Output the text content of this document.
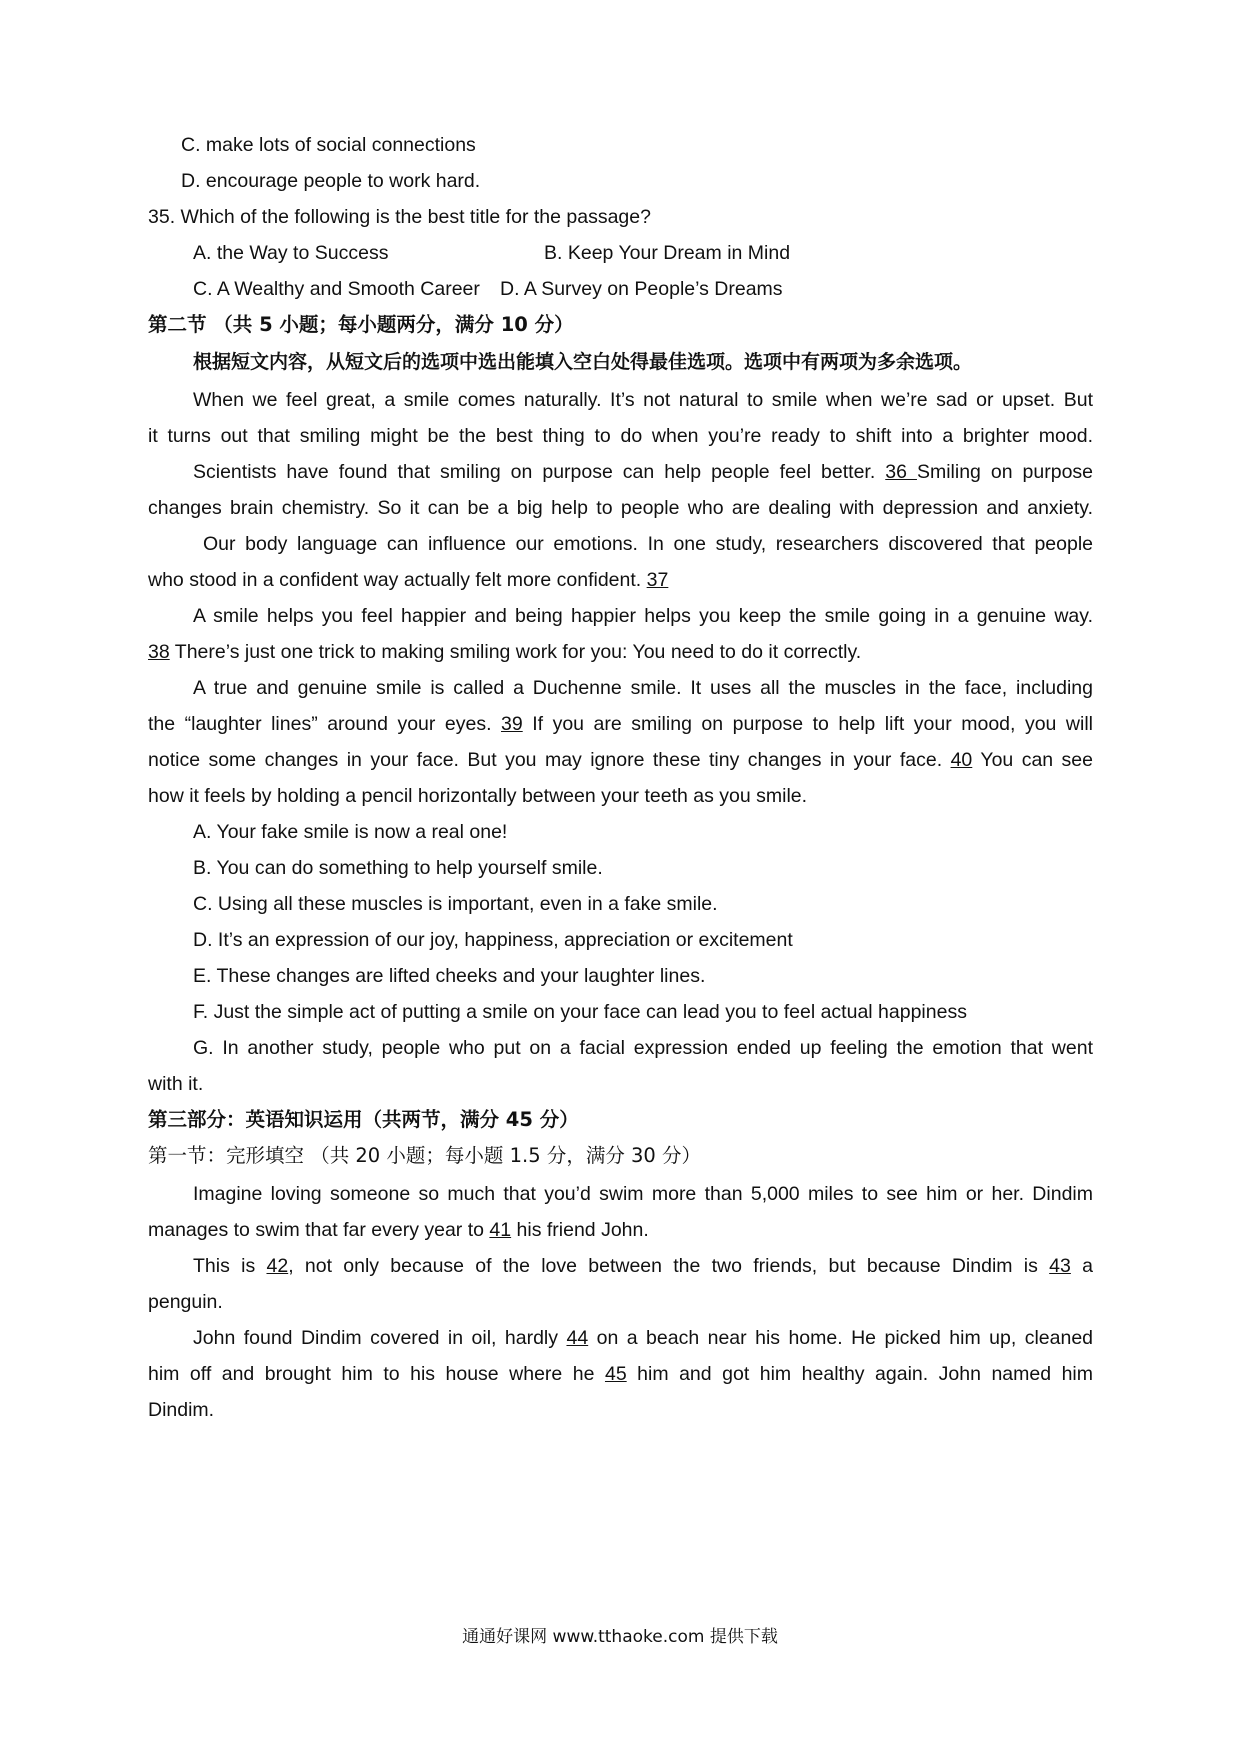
C. make lots of social connections
D. encourage people to work hard.
35. Which of the following is the best title for the passage?
A. the Way to Success	B. Keep Your Dream in Mind
C. A Wealthy and Smooth Career D. A Survey on People’s Dreams
第二节 （共 5 小题；每小题两分，满分 10 分）
根据短文内容，从短文后的选项中选出能填入空白处得最佳选项。选项中有两项为多余选项。
When we feel great, a smile comes naturally. It’s not natural to smile when we’re sad or upset. But
it turns out that smiling might be the best thing to do when you’re ready to shift into a brighter mood.
Scientists have found that smiling on purpose can help people feel better. 36 Smiling on purpose
changes brain chemistry. So it can be a big help to people who are dealing with depression and anxiety.
Our body language can influence our emotions. In one study, researchers discovered that people
who stood in a confident way actually felt more confident. 37
A smile helps you feel happier and being happier helps you keep the smile going in a genuine way.
38 There’s just one trick to making smiling work for you: You need to do it correctly.
A true and genuine smile is called a Duchenne smile. It uses all the muscles in the face, including
the “laughter lines” around your eyes. 39 If you are smiling on purpose to help lift your mood, you will
notice some changes in your face. But you may ignore these tiny changes in your face. 40 You can see
how it feels by holding a pencil horizontally between your teeth as you smile.
A. Your fake smile is now a real one!
B. You can do something to help yourself smile.
C. Using all these muscles is important, even in a fake smile.
D. It’s an expression of our joy, happiness, appreciation or excitement
E. These changes are lifted cheeks and your laughter lines.
F. Just the simple act of putting a smile on your face can lead you to feel actual happiness
G. In another study, people who put on a facial expression ended up feeling the emotion that went
with it.
第三部分：英语知识运用（共两节，满分 45 分）
第一节：完形填空 （共 20 小题；每小题 1.5 分，满分 30 分）
Imagine loving someone so much that you’d swim more than 5,000 miles to see him or her. Dindim
manages to swim that far every year to 41 his friend John.
This is 42, not only because of the love between the two friends, but because Dindim is 43 a
penguin.
John found Dindim covered in oil, hardly 44 on a beach near his home. He picked him up, cleaned
him off and brought him to his house where he 45 him and got him healthy again. John named him
Dindim.
通通好课网 www.tthaoke.com 提供下载
